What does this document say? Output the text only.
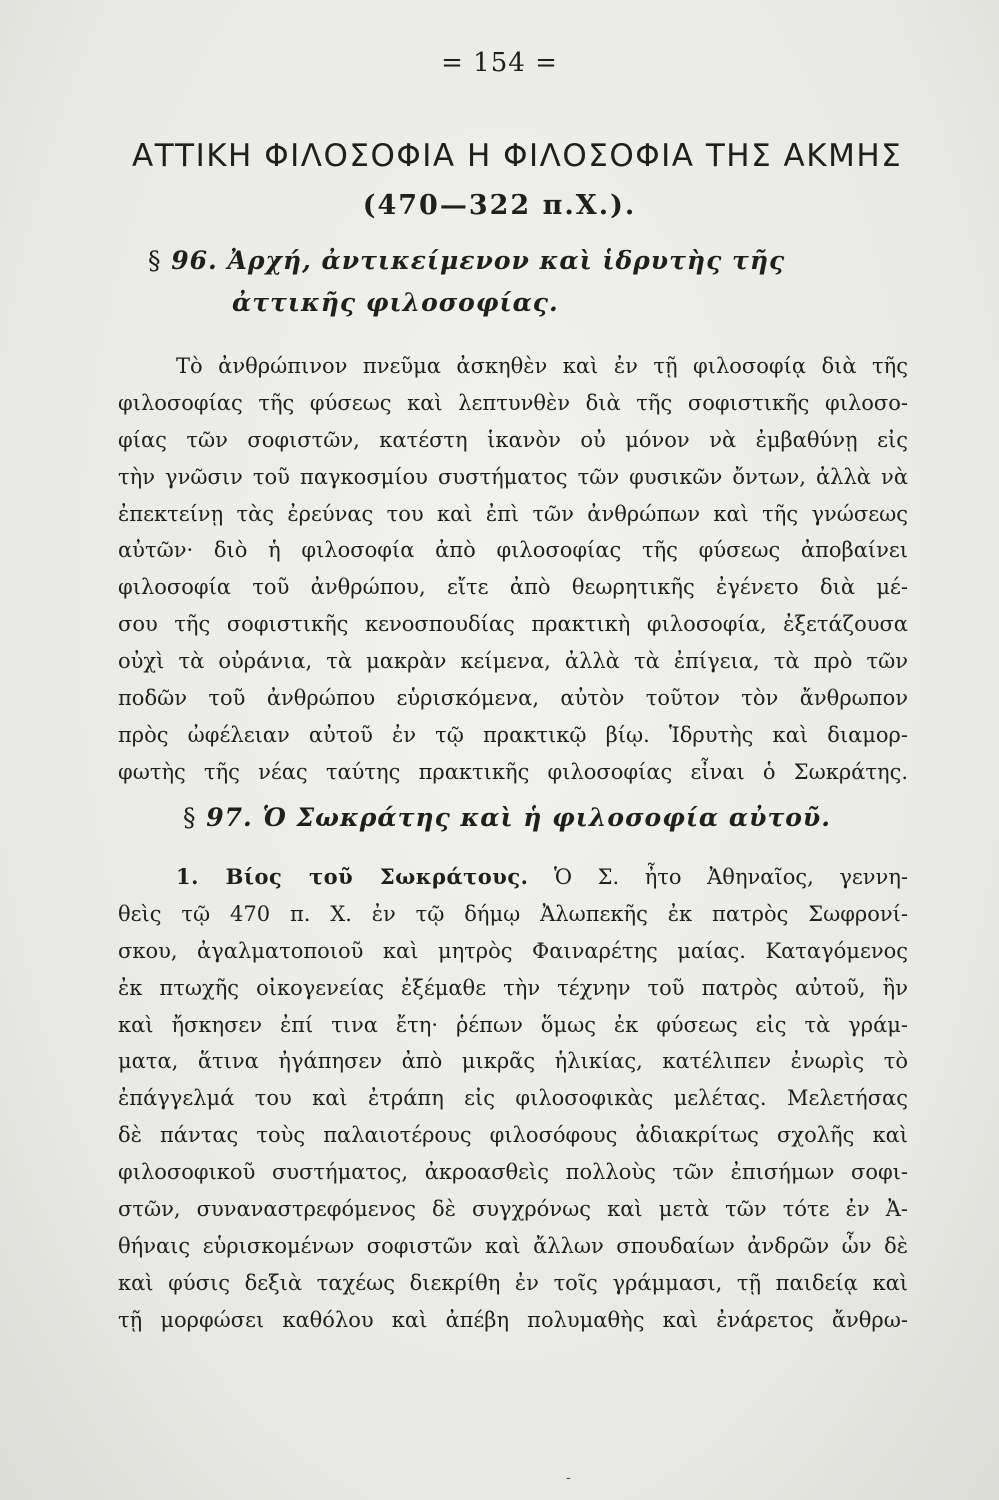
= 154 =
ΑΤΤΙΚΗ ΦΙΛΟΣΟΦΙΑ Η ΦΙΛΟΣΟΦΙΑ ΤΗΣ ΑΚΜΗΣ
(470—322 π.Χ.).
§ 96. Ἀρχή, ἀντικείμενον καὶ ἱδρυτὴς τῆς
ἀττικῆς φιλοσοφίας.
Τὸ ἀνθρώπινον πνεῦμα ἀσκηθὲν καὶ ἐν τῇ φιλοσοφίᾳ διὰ τῆς
φιλοσοφίας τῆς φύσεως καὶ λεπτυνθὲν διὰ τῆς σοφιστικῆς φιλοσο-
φίας τῶν σοφιστῶν, κατέστη ἱκανὸν οὐ μόνον νὰ ἐμβαθύνῃ εἰς
τὴν γνῶσιν τοῦ παγκοσμίου συστήματος τῶν φυσικῶν ὄντων, ἀλλὰ νὰ
ἐπεκτείνῃ τὰς ἐρεύνας του καὶ ἐπὶ τῶν ἀνθρώπων καὶ τῆς γνώσεως
αὐτῶν· διὸ ἡ φιλοσοφία ἀπὸ φιλοσοφίας τῆς φύσεως ἀποβαίνει
φιλοσοφία τοῦ ἀνθρώπου, εἴτε ἀπὸ θεωρητικῆς ἐγένετο διὰ μέ-
σου τῆς σοφιστικῆς κενοσπουδίας πρακτικὴ φιλοσοφία, ἐξετάζουσα
οὐχὶ τὰ οὐράνια, τὰ μακρὰν κείμενα, ἀλλὰ τὰ ἐπίγεια, τὰ πρὸ τῶν
ποδῶν τοῦ ἀνθρώπου εὑρισκόμενα, αὐτὸν τοῦτον τὸν ἄνθρωπον
πρὸς ὠφέλειαν αὐτοῦ ἐν τῷ πρακτικῷ βίῳ. Ἱδρυτὴς καὶ διαμορ-
φωτὴς τῆς νέας ταύτης πρακτικῆς φιλοσοφίας εἶναι ὁ Σωκράτης.
§ 97. Ὁ Σωκράτης καὶ ἡ φιλοσοφία αὐτοῦ.
1. Βίος τοῦ Σωκράτους. Ὁ Σ. ἦτο Ἀθηναῖος, γεννη-
θεὶς τῷ 470 π. Χ. ἐν τῷ δήμῳ Ἀλωπεκῆς ἐκ πατρὸς Σωφρονί-
σκου, ἀγαλματοποιοῦ καὶ μητρὸς Φαιναρέτης μαίας. Καταγόμενος
ἐκ πτωχῆς οἰκογενείας ἐξέμαθε τὴν τέχνην τοῦ πατρὸς αὐτοῦ, ἣν
καὶ ἤσκησεν ἐπί τινα ἔτη· ῥέπων ὅμως ἐκ φύσεως εἰς τὰ γράμ-
ματα, ἅτινα ἠγάπησεν ἀπὸ μικρᾶς ἡλικίας, κατέλιπεν ἐνωρὶς τὸ
ἐπάγγελμά του καὶ ἐτράπη εἰς φιλοσοφικὰς μελέτας. Μελετήσας
δὲ πάντας τοὺς παλαιοτέρους φιλοσόφους ἀδιακρίτως σχολῆς καὶ
φιλοσοφικοῦ συστήματος, ἀκροασθεὶς πολλοὺς τῶν ἐπισήμων σοφι-
στῶν, συναναστρεφόμενος δὲ συγχρόνως καὶ μετὰ τῶν τότε ἐν Ἀ-
θήναις εὑρισκομένων σοφιστῶν καὶ ἄλλων σπουδαίων ἀνδρῶν ὧν δὲ
καὶ φύσις δεξιὰ ταχέως διεκρίθη ἐν τοῖς γράμμασι, τῇ παιδείᾳ καὶ
τῇ μορφώσει καθόλου καὶ ἀπέβη πολυμαθὴς καὶ ἐνάρετος ἄνθρω-
-
